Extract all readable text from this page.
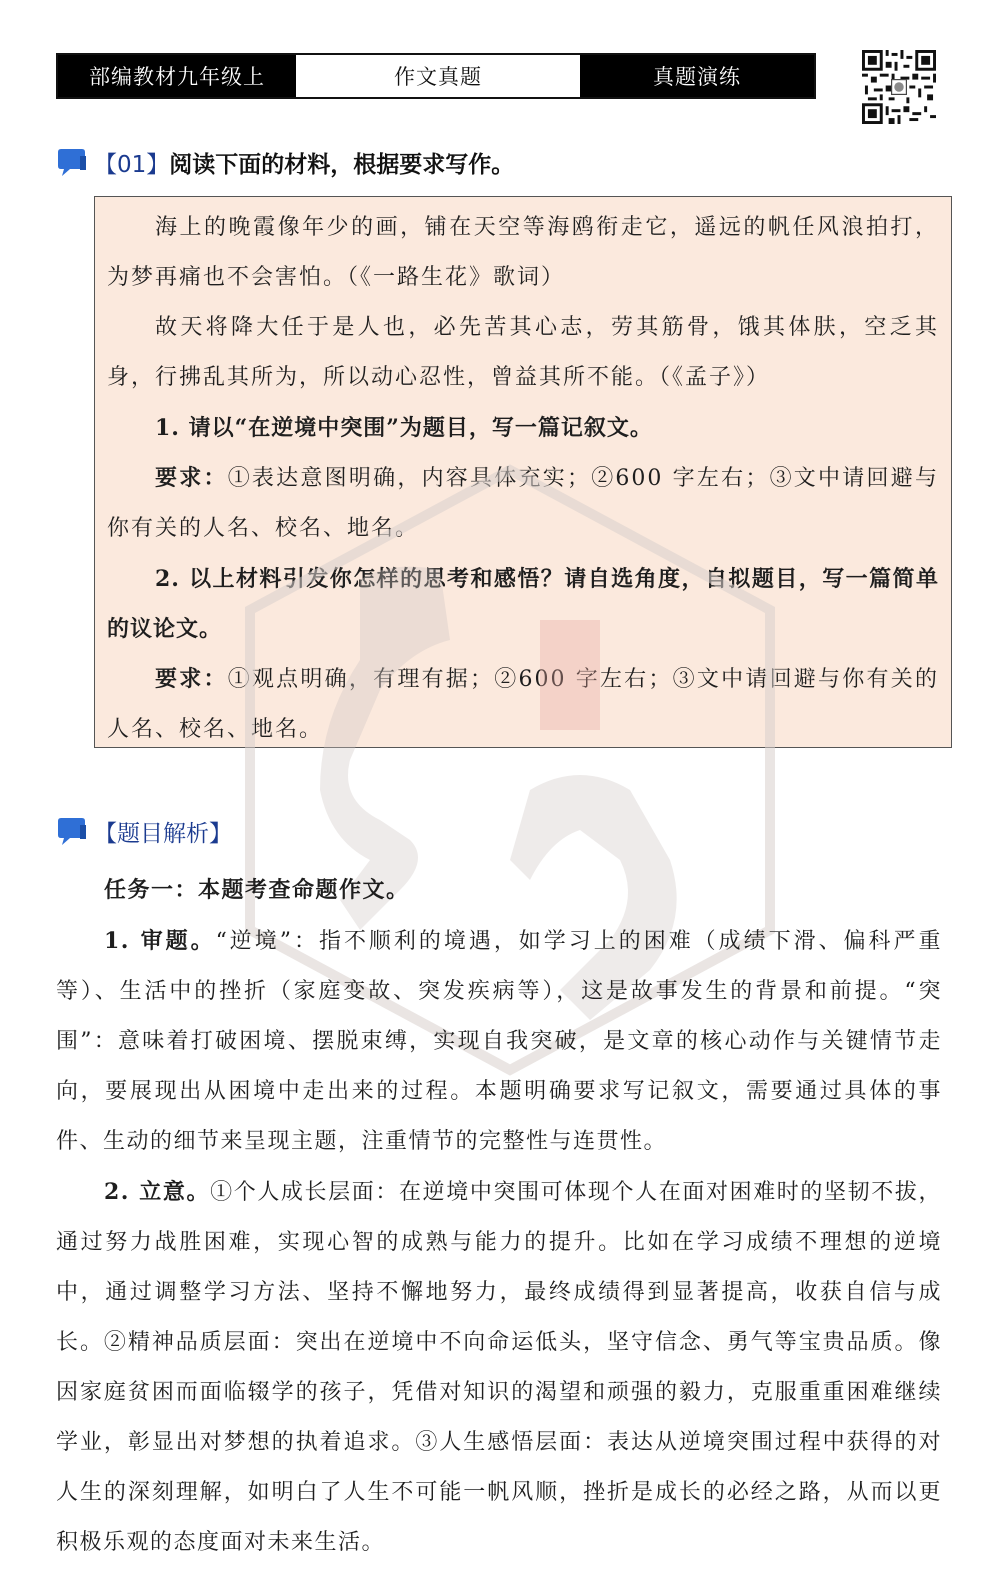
部编教材九年级上	作文真题	真题演练
【01】 阅读下面的材料，根据要求写作。

海上的晚霞像年少的画，铺在天空等海鸥衔走它，遥远的帆任风浪拍打，为梦再痛也不会害怕。（《一路生花》歌词）

故天将降大任于是人也，必先苦其心志，劳其筋骨，饿其体肤，空乏其身，行拂乱其所为，所以动心忍性，曾益其所不能。（《孟子》）

1. 请以“在逆境中突围”为题目，写一篇记叙文。

要求：①表达意图明确，内容具体充实；②600 字左右；③文中请回避与你有关的人名、校名、地名。

2. 以上材料引发你怎样的思考和感悟？请自选角度，自拟题目，写一篇简单的议论文。

要求：①观点明确，有理有据；②600 字左右；③文中请回避与你有关的人名、校名、地名。

【题目解析】

任务一：本题考查命题作文。

1. 审题。“逆境”：指不顺利的境遇，如学习上的困难（成绩下滑、偏科严重等）、生活中的挫折（家庭变故、突发疾病等），这是故事发生的背景和前提。“突围”：意味着打破困境、摆脱束缚，实现自我突破，是文章的核心动作与关键情节走向，要展现出从困境中走出来的过程。本题明确要求写记叙文，需要通过具体的事件、生动的细节来呈现主题，注重情节的完整性与连贯性。

2. 立意。①个人成长层面：在逆境中突围可体现个人在面对困难时的坚韧不拔，通过努力战胜困难，实现心智的成熟与能力的提升。比如在学习成绩不理想的逆境中，通过调整学习方法、坚持不懈地努力，最终成绩得到显著提高，收获自信与成长。②精神品质层面：突出在逆境中不向命运低头，坚守信念、勇气等宝贵品质。像因家庭贫困而面临辍学的孩子，凭借对知识的渴望和顽强的毅力，克服重重困难继续学业，彰显出对梦想的执着追求。③人生感悟层面：表达从逆境突围过程中获得的对人生的深刻理解，如明白了人生不可能一帆风顺，挫折是成长的必经之路，从而以更积极乐观的态度面对未来生活。
